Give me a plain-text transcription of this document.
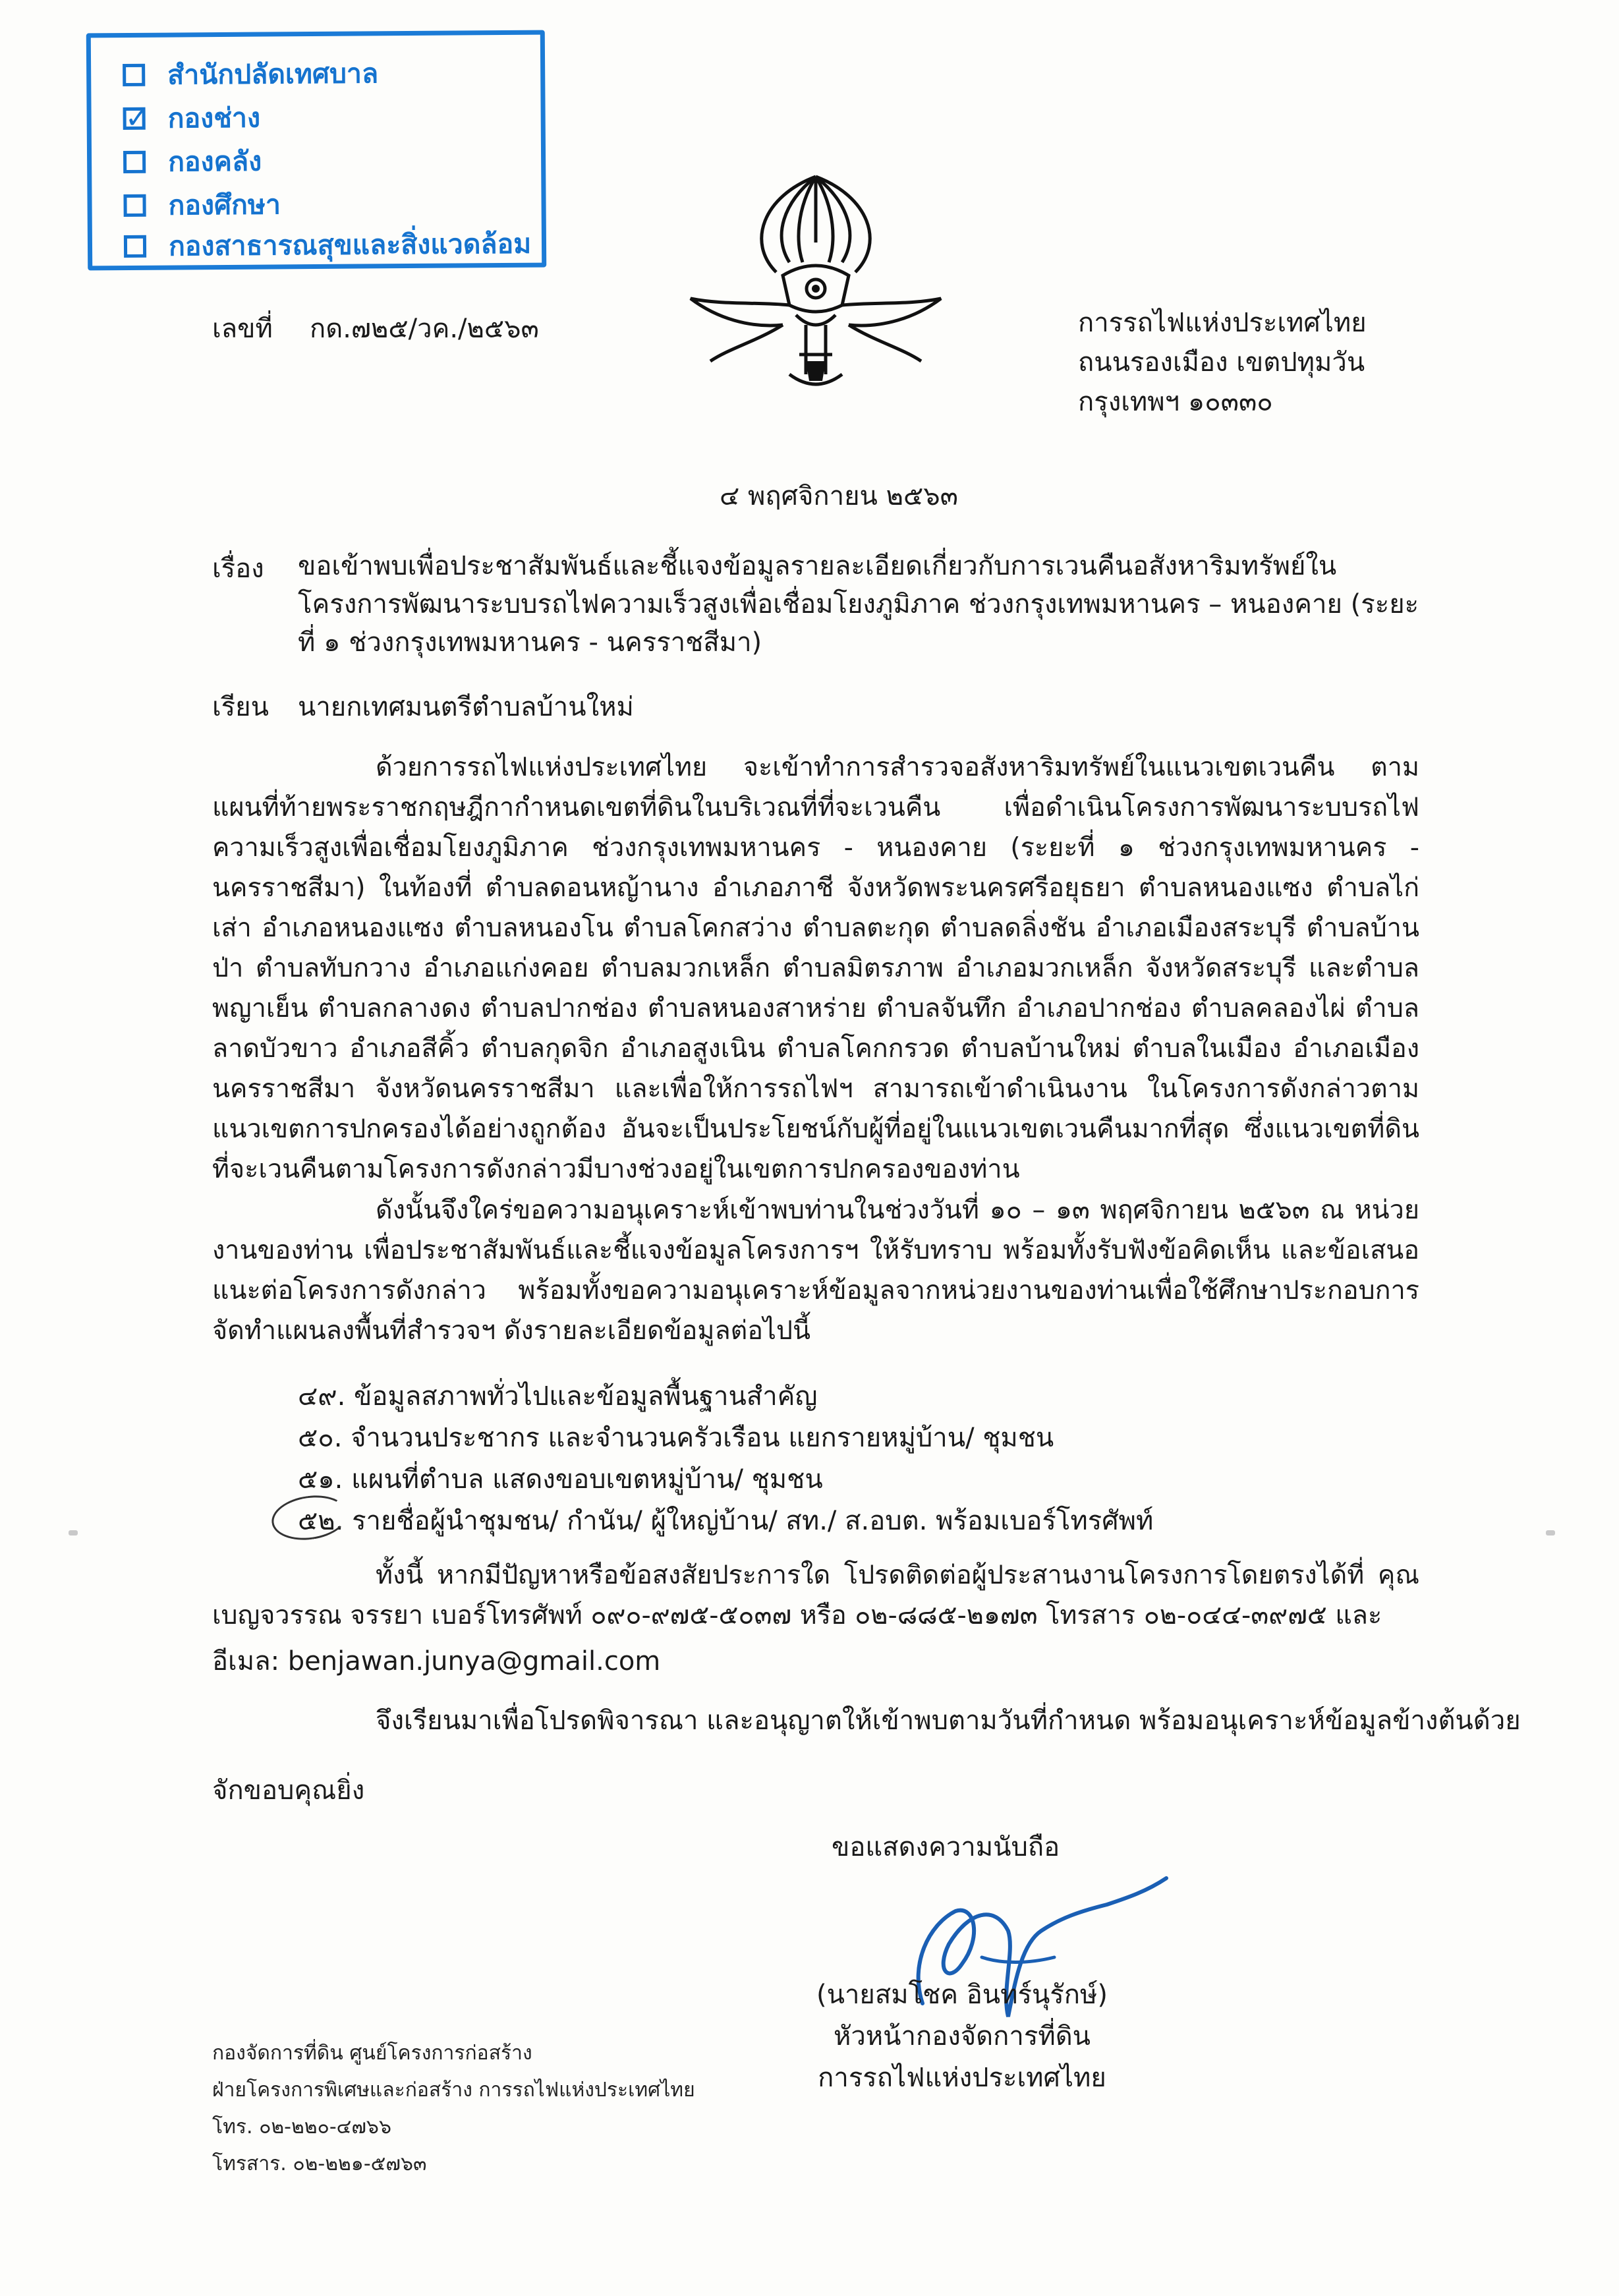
สำนักปลัดเทศบาล
✓ กองช่าง
กองคลัง
กองศึกษา
กองสาธารณสุขและสิ่งแวดล้อม
เลขที่ กด.๗๒๕/วค./๒๕๖๓	การรถไฟแห่งประเทศไทย
ถนนรองเมือง เขตปทุมวัน
กรุงเทพฯ ๑๐๓๓๐
๔ พฤศจิกายน ๒๕๖๓
เรื่อง ขอเข้าพบเพื่อประชาสัมพันธ์และชี้แจงข้อมูลรายละเอียดเกี่ยวกับการเวนคืนอสังหาริมทรัพย์ในโครงการพัฒนาระบบรถไฟความเร็วสูงเพื่อเชื่อมโยงภูมิภาค ช่วงกรุงเทพมหานคร – หนองคาย (ระยะที่ ๑ ช่วงกรุงเทพมหานคร - นครราชสีมา)
เรียน นายกเทศมนตรีตำบลบ้านใหม่
ด้วยการรถไฟแห่งประเทศไทย จะเข้าทำการสำรวจอสังหาริมทรัพย์ในแนวเขตเวนคืน ตามแผนที่ท้ายพระราชกฤษฎีกากำหนดเขตที่ดินในบริเวณที่ที่จะเวนคืน เพื่อดำเนินโครงการพัฒนาระบบรถไฟความเร็วสูงเพื่อเชื่อมโยงภูมิภาค ช่วงกรุงเทพมหานคร - หนองคาย (ระยะที่ ๑ ช่วงกรุงเทพมหานคร - นครราชสีมา) ในท้องที่ ตำบลดอนหญ้านาง อำเภอภาชี จังหวัดพระนครศรีอยุธยา ตำบลหนองแซง ตำบลไก่เส่า อำเภอหนองแซง ตำบลหนองโน ตำบลโคกสว่าง ตำบลตะกุด ตำบลดลิ่งชัน อำเภอเมืองสระบุรี ตำบลบ้านป่า ตำบลทับกวาง อำเภอแก่งคอย ตำบลมวกเหล็ก ตำบลมิตรภาพ อำเภอมวกเหล็ก จังหวัดสระบุรี และตำบลพญาเย็น ตำบลกลางดง ตำบลปากช่อง ตำบลหนองสาหร่าย ตำบลจันทึก อำเภอปากช่อง ตำบลคลองไผ่ ตำบลลาดบัวขาว อำเภอสีคิ้ว ตำบลกุดจิก อำเภอสูงเนิน ตำบลโคกกรวด ตำบลบ้านใหม่ ตำบลในเมือง อำเภอเมืองนครราชสีมา จังหวัดนครราชสีมา และเพื่อให้การรถไฟฯ สามารถเข้าดำเนินงาน ในโครงการดังกล่าวตามแนวเขตการปกครองได้อย่างถูกต้อง อันจะเป็นประโยชน์กับผู้ที่อยู่ในแนวเขตเวนคืนมากที่สุด ซึ่งแนวเขตที่ดินที่จะเวนคืนตามโครงการดังกล่าวมีบางช่วงอยู่ในเขตการปกครองของท่าน
ดังนั้นจึงใคร่ขอความอนุเคราะห์เข้าพบท่านในช่วงวันที่ ๑๐ – ๑๓ พฤศจิกายน ๒๕๖๓ ณ หน่วยงานของท่าน เพื่อประชาสัมพันธ์และชี้แจงข้อมูลโครงการฯ ให้รับทราบ พร้อมทั้งรับฟังข้อคิดเห็น และข้อเสนอแนะต่อโครงการดังกล่าว พร้อมทั้งขอความอนุเคราะห์ข้อมูลจากหน่วยงานของท่านเพื่อใช้ศึกษาประกอบการจัดทำแผนลงพื้นที่สำรวจฯ ดังรายละเอียดข้อมูลต่อไปนี้
๔๙. ข้อมูลสภาพทั่วไปและข้อมูลพื้นฐานสำคัญ
๕๐. จำนวนประชากร และจำนวนครัวเรือน แยกรายหมู่บ้าน/ ชุมชน
๕๑. แผนที่ตำบล แสดงขอบเขตหมู่บ้าน/ ชุมชน
๕๒. รายชื่อผู้นำชุมชน/ กำนัน/ ผู้ใหญ่บ้าน/ สท./ ส.อบต. พร้อมเบอร์โทรศัพท์
ทั้งนี้ หากมีปัญหาหรือข้อสงสัยประการใด โปรดติดต่อผู้ประสานงานโครงการโดยตรงได้ที่ คุณเบญจวรรณ จรรยา เบอร์โทรศัพท์ ๐๙๐-๙๗๕-๕๐๓๗ หรือ ๐๒-๘๘๕-๒๑๗๓ โทรสาร ๐๒-๐๔๔-๓๙๗๕ และ
อีเมล: benjawan.junya@gmail.com
จึงเรียนมาเพื่อโปรดพิจารณา และอนุญาตให้เข้าพบตามวันที่กำหนด พร้อมอนุเคราะห์ข้อมูลข้างต้นด้วย
จักขอบคุณยิ่ง
ขอแสดงความนับถือ
(นายสมโชค อินทร์นุรักษ์)
หัวหน้ากองจัดการที่ดิน
การรถไฟแห่งประเทศไทย
กองจัดการที่ดิน ศูนย์โครงการก่อสร้าง
ฝ่ายโครงการพิเศษและก่อสร้าง การรถไฟแห่งประเทศไทย
โทร. ๐๒-๒๒๐-๔๗๖๖
โทรสาร. ๐๒-๒๒๑-๕๗๖๓
